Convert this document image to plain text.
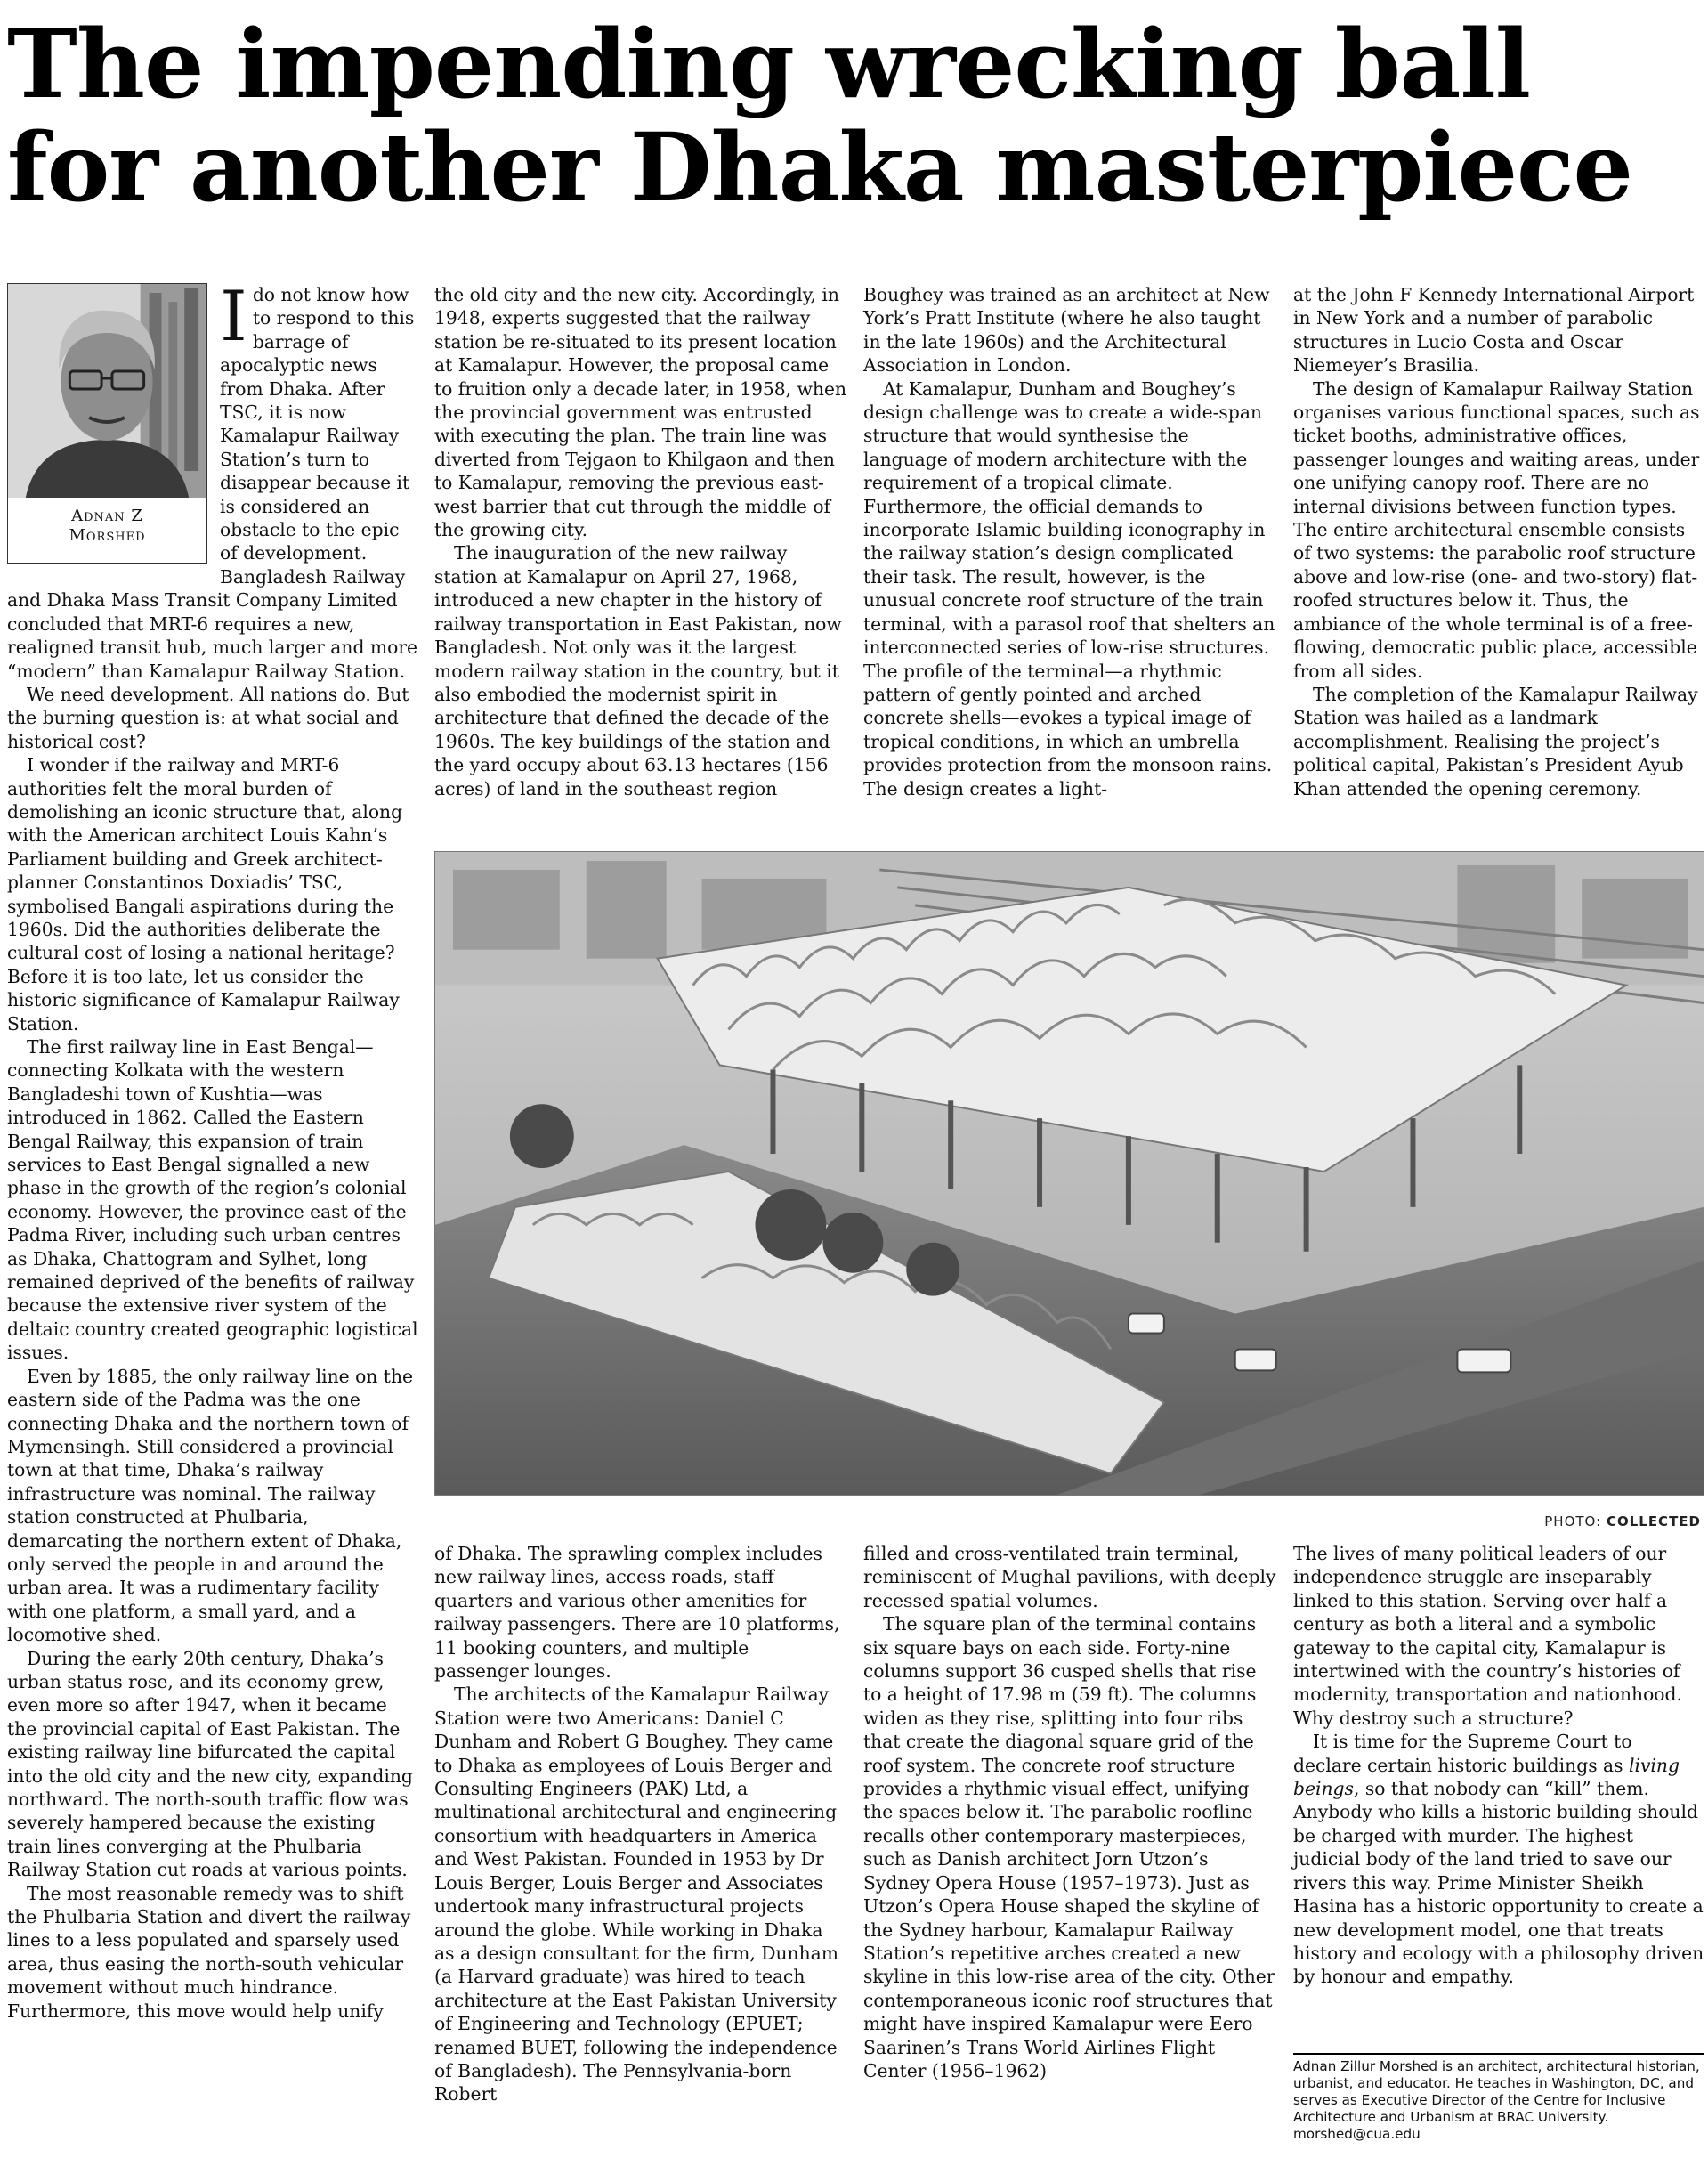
The impending wrecking ball for another Dhaka masterpiece
Adnan Z
Morshed

Ido not know how to respond to this barrage of apocalyptic news from Dhaka. After TSC, it is now Kamalapur Railway Station’s turn to disappear because it is considered an obstacle to the epic of development. Bangladesh Railway and Dhaka Mass Transit Company Limited concluded that MRT-6 requires a new, realigned transit hub, much larger and more “modern” than Kamalapur Railway Station.

We need development. All nations do. But the burning question is: at what social and historical cost?

I wonder if the railway and MRT-6 authorities felt the moral burden of demolishing an iconic structure that, along with the American architect Louis Kahn’s Parliament building and Greek architect-planner Constantinos Doxiadis’ TSC, symbolised Bangali aspirations during the 1960s. Did the authorities deliberate the cultural cost of losing a national heritage? Before it is too late, let us consider the historic significance of Kamalapur Railway Station.

The first railway line in East Bengal—connecting Kolkata with the western Bangladeshi town of Kushtia—was introduced in 1862. Called the Eastern Bengal Railway, this expansion of train services to East Bengal signalled a new phase in the growth of the region’s colonial economy. However, the province east of the Padma River, including such urban centres as Dhaka, Chattogram and Sylhet, long remained deprived of the benefits of railway because the extensive river system of the deltaic country created geographic logistical issues.

Even by 1885, the only railway line on the eastern side of the Padma was the one connecting Dhaka and the northern town of Mymensingh. Still considered a provincial town at that time, Dhaka’s railway infrastructure was nominal. The railway station constructed at Phulbaria, demarcating the northern extent of Dhaka, only served the people in and around the urban area. It was a rudimentary facility with one platform, a small yard, and a locomotive shed.

During the early 20th century, Dhaka’s urban status rose, and its economy grew, even more so after 1947, when it became the provincial capital of East Pakistan. The existing railway line bifurcated the capital into the old city and the new city, expanding northward. The north-south traffic flow was severely hampered because the existing train lines converging at the Phulbaria Railway Station cut roads at various points.

The most reasonable remedy was to shift the Phulbaria Station and divert the railway lines to a less populated and sparsely used area, thus easing the north-south vehicular movement without much hindrance. Furthermore, this move would help unify

the old city and the new city. Accordingly, in 1948, experts suggested that the railway station be re-situated to its present location at Kamalapur. However, the proposal came to fruition only a decade later, in 1958, when the provincial government was entrusted with executing the plan. The train line was diverted from Tejgaon to Khilgaon and then to Kamalapur, removing the previous east-west barrier that cut through the middle of the growing city.

The inauguration of the new railway station at Kamalapur on April 27, 1968, introduced a new chapter in the history of railway transportation in East Pakistan, now Bangladesh. Not only was it the largest modern railway station in the country, but it also embodied the modernist spirit in architecture that defined the decade of the 1960s. The key buildings of the station and the yard occupy about 63.13 hectares (156 acres) of land in the southeast region

Boughey was trained as an architect at New York’s Pratt Institute (where he also taught in the late 1960s) and the Architectural Association in London.

At Kamalapur, Dunham and Boughey’s design challenge was to create a wide-span structure that would synthesise the language of modern architecture with the requirement of a tropical climate. Furthermore, the official demands to incorporate Islamic building iconography in the railway station’s design complicated their task. The result, however, is the unusual concrete roof structure of the train terminal, with a parasol roof that shelters an interconnected series of low-rise structures. The profile of the terminal—a rhythmic pattern of gently pointed and arched concrete shells—evokes a typical image of tropical conditions, in which an umbrella provides protection from the monsoon rains. The design creates a light-

at the John F Kennedy International Airport in New York and a number of parabolic structures in Lucio Costa and Oscar Niemeyer’s Brasilia.

The design of Kamalapur Railway Station organises various functional spaces, such as ticket booths, administrative offices, passenger lounges and waiting areas, under one unifying canopy roof. There are no internal divisions between function types. The entire architectural ensemble consists of two systems: the parabolic roof structure above and low-rise (one- and two-story) flat-roofed structures below it. Thus, the ambiance of the whole terminal is of a free-flowing, democratic public place, accessible from all sides.

The completion of the Kamalapur Railway Station was hailed as a landmark accomplishment. Realising the project’s political capital, Pakistan’s President Ayub Khan attended the opening ceremony.

PHOTO: COLLECTED

of Dhaka. The sprawling complex includes new railway lines, access roads, staff quarters and various other amenities for railway passengers. There are 10 platforms, 11 booking counters, and multiple passenger lounges.

The architects of the Kamalapur Railway Station were two Americans: Daniel C Dunham and Robert G Boughey. They came to Dhaka as employees of Louis Berger and Consulting Engineers (PAK) Ltd, a multinational architectural and engineering consortium with headquarters in America and West Pakistan. Founded in 1953 by Dr Louis Berger, Louis Berger and Associates undertook many infrastructural projects around the globe. While working in Dhaka as a design consultant for the firm, Dunham (a Harvard graduate) was hired to teach architecture at the East Pakistan University of Engineering and Technology (EPUET; renamed BUET, following the independence of Bangladesh). The Pennsylvania-born Robert

filled and cross-ventilated train terminal, reminiscent of Mughal pavilions, with deeply recessed spatial volumes.

The square plan of the terminal contains six square bays on each side. Forty-nine columns support 36 cusped shells that rise to a height of 17.98 m (59 ft). The columns widen as they rise, splitting into four ribs that create the diagonal square grid of the roof system. The concrete roof structure provides a rhythmic visual effect, unifying the spaces below it. The parabolic roofline recalls other contemporary masterpieces, such as Danish architect Jorn Utzon’s Sydney Opera House (1957–1973). Just as Utzon’s Opera House shaped the skyline of the Sydney harbour, Kamalapur Railway Station’s repetitive arches created a new skyline in this low-rise area of the city. Other contemporaneous iconic roof structures that might have inspired Kamalapur were Eero Saarinen’s Trans World Airlines Flight Center (1956–1962)

The lives of many political leaders of our independence struggle are inseparably linked to this station. Serving over half a century as both a literal and a symbolic gateway to the capital city, Kamalapur is intertwined with the country’s histories of modernity, transportation and nationhood. Why destroy such a structure?

It is time for the Supreme Court to declare certain historic buildings as living beings, so that nobody can “kill” them. Anybody who kills a historic building should be charged with murder. The highest judicial body of the land tried to save our rivers this way. Prime Minister Sheikh Hasina has a historic opportunity to create a new development model, one that treats history and ecology with a philosophy driven by honour and empathy.

Adnan Zillur Morshed is an architect, architectural historian, urbanist, and educator. He teaches in Washington, DC, and serves as Executive Director of the Centre for Inclusive Architecture and Urbanism at BRAC University. morshed@cua.edu
